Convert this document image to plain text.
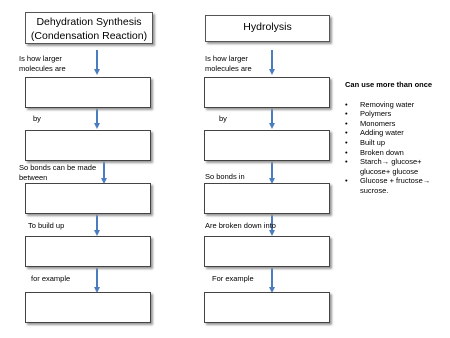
Dehydration Synthesis
(Condensation Reaction)
Hydrolysis
Is how larger
molecules are
by
So bonds can be made
between
To build up
for example
Is how larger
molecules are
by
So bonds in
Are broken down into
For example
Can use more than once
• Removing water
• Polymers
• Monomers
• Adding water
• Built up
• Broken down
• Starch→ glucose+ glucose+ glucose
• Glucose + fructose→ sucrose.
